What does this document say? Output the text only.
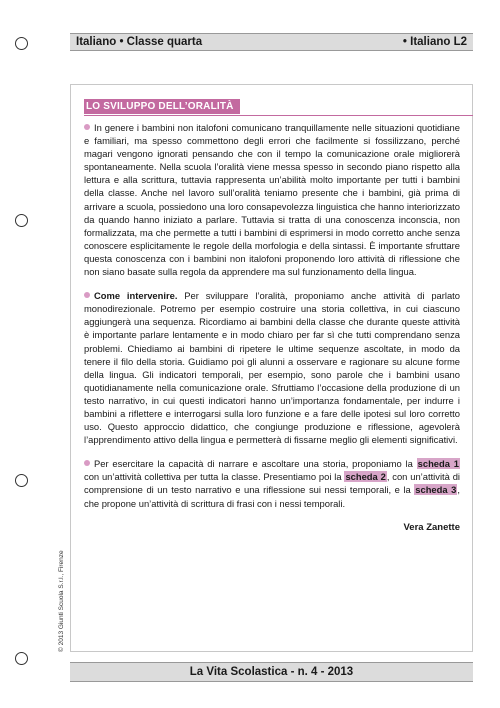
Italiano • Classe quarta	• Italiano L2
LO SVILUPPO DELL’ORALITÀ

In genere i bambini non italofoni comunicano tranquillamente nelle situazioni quotidiane e familiari, ma spesso commettono degli errori che facilmente si fossilizzano, perché magari vengono ignorati pensando che con il tempo la comunicazione orale migliorerà spontaneamente. Nella scuola l’oralità viene messa spesso in secondo piano rispetto alla lettura e alla scrittura, tuttavia rappresenta un’abilità molto importante per tutti i bambini della classe. Anche nel lavoro sull’oralità teniamo presente che i bambini, già prima di arrivare a scuola, possiedono una loro consapevolezza linguistica che hanno interiorizzato da quando hanno iniziato a parlare. Tuttavia si tratta di una conoscenza inconscia, non formalizzata, ma che permette a tutti i bambini di esprimersi in modo corretto anche senza conoscere esplicitamente le regole della morfologia e della sintassi. È importante sfruttare questa conoscenza con i bambini non italofoni proponendo loro attività di riflessione che non siano basate sulla regola da apprendere ma sul funzionamento della lingua.

Come intervenire. Per sviluppare l’oralità, proponiamo anche attività di parlato monodirezionale. Potremo per esempio costruire una storia collettiva, in cui ciascuno aggiungerà una sequenza. Ricordiamo ai bambini della classe che durante queste attività è importante parlare lentamente e in modo chiaro per far sì che tutti comprendano senza problemi. Chiediamo ai bambini di ripetere le ultime sequenze ascoltate, in modo da tenere il filo della storia. Guidiamo poi gli alunni a osservare e ragionare su alcune forme della lingua. Gli indicatori temporali, per esempio, sono parole che i bambini usano quotidianamente nella comunicazione orale. Sfruttiamo l’occasione della produzione di un testo narrativo, in cui questi indicatori hanno un’importanza fondamentale, per indurre i bambini a riflettere e interrogarsi sulla loro funzione e a fare delle ipotesi sul loro corretto uso. Questo approccio didattico, che congiunge produzione e riflessione, agevolerà l’apprendimento attivo della lingua e permetterà di fissarne meglio gli elementi significativi.

Per esercitare la capacità di narrare e ascoltare una storia, proponiamo la scheda 1 con un’attività collettiva per tutta la classe. Presentiamo poi la scheda 2, con un’attività di comprensione di un testo narrativo e una riflessione sui nessi temporali, e la scheda 3, che propone un’attività di scrittura di frasi con i nessi temporali.

Vera Zanette
© 2013 Giunti Scuola S.r.l., Firenze
La Vita Scolastica - n. 4 - 2013
